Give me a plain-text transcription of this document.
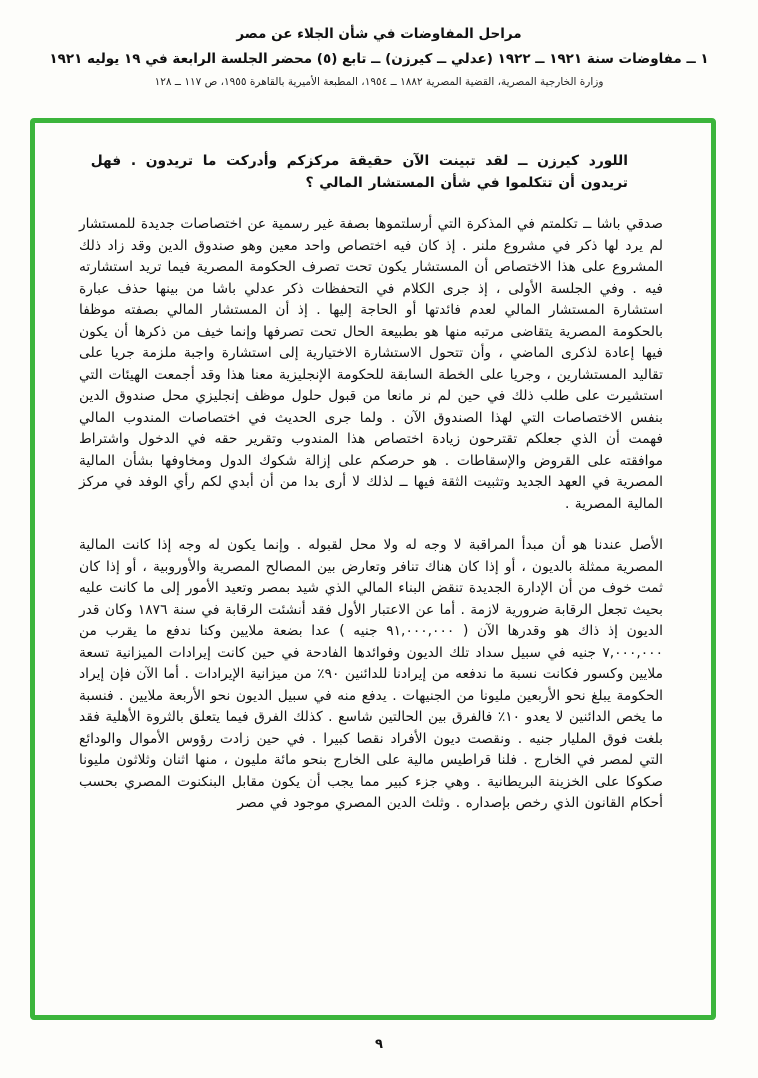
مراحل المفاوضات في شأن الجلاء عن مصر
١ ــ مفاوضات سنة ١٩٢١ ــ ١٩٢٢ (عدلي ــ كيرزن) ــ تابع (٥) محضر الجلسة الرابعة في ١٩ يوليه ١٩٢١
وزارة الخارجية المصرية، القضية المصرية ١٨٨٢ ــ ١٩٥٤، المطبعة الأميرية بالقاهرة ١٩٥٥، ص ١١٧ ــ ١٢٨

اللورد كيرزن ــ لقد تبينت الآن حقيقة مركزكم وأدركت ما تريدون . فهل تريدون أن تتكلموا في شأن المستشار المالي ؟

صدقي باشا ــ تكلمتم في المذكرة التي أرسلتموها بصفة غير رسمية عن اختصاصات جديدة للمستشار لم يرد لها ذكر في مشروع ملنر . إذ كان فيه اختصاص واحد معين وهو صندوق الدين وقد زاد ذلك المشروع على هذا الاختصاص أن المستشار يكون تحت تصرف الحكومة المصرية فيما تريد استشارته فيه . وفي الجلسة الأولى ، إذ جرى الكلام في التحفظات ذكر عدلي باشا من بينها حذف عبارة استشارة المستشار المالي لعدم فائدتها أو الحاجة إليها . إذ أن المستشار المالي بصفته موظفا بالحكومة المصرية يتقاضى مرتبه منها هو بطبيعة الحال تحت تصرفها وإنما خيف من ذكرها أن يكون فيها إعادة لذكرى الماضي ، وأن تتحول الاستشارة الاختيارية إلى استشارة واجبة ملزمة جريا على تقاليد المستشارين ، وجريا على الخطة السابقة للحكومة الإنجليزية معنا هذا وقد أجمعت الهيئات التي استشيرت على طلب ذلك في حين لم نر مانعا من قبول حلول موظف إنجليزي محل صندوق الدين بنفس الاختصاصات التي لهذا الصندوق الآن . ولما جرى الحديث في اختصاصات المندوب المالي فهمت أن الذي جعلكم تقترحون زيادة اختصاص هذا المندوب وتقرير حقه في الدخول واشتراط موافقته على القروض والإسقاطات . هو حرصكم على إزالة شكوك الدول ومخاوفها بشأن المالية المصرية في العهد الجديد وتثبيت الثقة فيها ــ لذلك لا أرى بدا من أن أبدي لكم رأي الوفد في مركز المالية المصرية .

الأصل عندنا هو أن مبدأ المراقبة لا وجه له ولا محل لقبوله . وإنما يكون له وجه إذا كانت المالية المصرية ممثلة بالديون ، أو إذا كان هناك تنافر وتعارض بين المصالح المصرية والأوروبية ، أو إذا كان ثمت خوف من أن الإدارة الجديدة تنقض البناء المالي الذي شيد بمصر وتعيد الأمور إلى ما كانت عليه بحيث تجعل الرقابة ضرورية لازمة . أما عن الاعتبار الأول فقد أنشئت الرقابة في سنة ١٨٧٦ وكان قدر الديون إذ ذاك هو وقدرها الآن ( ٩١,٠٠٠,٠٠٠ جنيه ) عدا بضعة ملايين وكنا ندفع ما يقرب من ٧,٠٠٠,٠٠٠ جنيه في سبيل سداد تلك الديون وفوائدها الفادحة في حين كانت إيرادات الميزانية تسعة ملايين وكسور فكانت نسبة ما ندفعه من إيرادنا للدائنين ٩٠٪ من ميزانية الإيرادات . أما الآن فإن إيراد الحكومة يبلغ نحو الأربعين مليونا من الجنيهات . يدفع منه في سبيل الديون نحو الأربعة ملايين . فنسبة ما يخص الدائنين لا يعدو ١٠٪ فالفرق بين الحالتين شاسع . كذلك الفرق فيما يتعلق بالثروة الأهلية فقد بلغت فوق المليار جنيه . ونقصت ديون الأفراد نقصا كبيرا . في حين زادت رؤوس الأموال والودائع التي لمصر في الخارج . فلنا قراطيس مالية على الخارج بنحو مائة مليون ، منها اثنان وثلاثون مليونا صكوكا على الخزينة البريطانية . وهي جزء كبير مما يجب أن يكون مقابل البنكنوت المصري بحسب أحكام القانون الذي رخص بإصداره . وثلث الدين المصري موجود في مصر

٩
